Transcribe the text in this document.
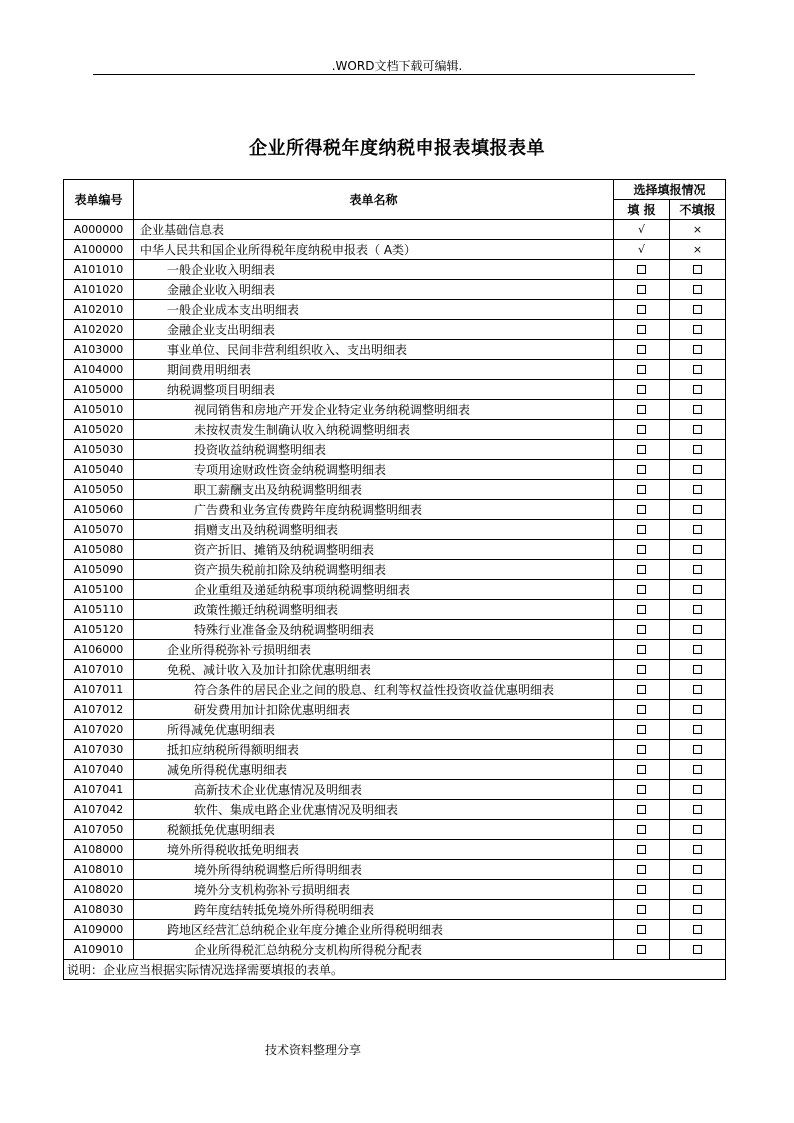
.WORD文档下载可编辑.
企业所得税年度纳税申报表填报表单
表单编号	表单名称	选择填报情况	
		填 报	不填报
A000000	企业基础信息表	√	×
A100000	中华人民共和国企业所得税年度纳税申报表（ A类）	√	×
A101010	一般企业收入明细表		
A101020	金融企业收入明细表		
A102010	一般企业成本支出明细表		
A102020	金融企业支出明细表		
A103000	事业单位、民间非营利组织收入、支出明细表		
A104000	期间费用明细表		
A105000	纳税调整项目明细表		
A105010	视同销售和房地产开发企业特定业务纳税调整明细表		
A105020	未按权责发生制确认收入纳税调整明细表		
A105030	投资收益纳税调整明细表		
A105040	专项用途财政性资金纳税调整明细表		
A105050	职工薪酬支出及纳税调整明细表		
A105060	广告费和业务宣传费跨年度纳税调整明细表		
A105070	捐赠支出及纳税调整明细表		
A105080	资产折旧、摊销及纳税调整明细表		
A105090	资产损失税前扣除及纳税调整明细表		
A105100	企业重组及递延纳税事项纳税调整明细表		
A105110	政策性搬迁纳税调整明细表		
A105120	特殊行业准备金及纳税调整明细表		
A106000	企业所得税弥补亏损明细表		
A107010	免税、减计收入及加计扣除优惠明细表		
A107011	符合条件的居民企业之间的股息、红利等权益性投资收益优惠明细表		
A107012	研发费用加计扣除优惠明细表		
A107020	所得减免优惠明细表		
A107030	抵扣应纳税所得额明细表		
A107040	减免所得税优惠明细表		
A107041	高新技术企业优惠情况及明细表		
A107042	软件、集成电路企业优惠情况及明细表		
A107050	税额抵免优惠明细表		
A108000	境外所得税收抵免明细表		
A108010	境外所得纳税调整后所得明细表		
A108020	境外分支机构弥补亏损明细表		
A108030	跨年度结转抵免境外所得税明细表		
A109000	跨地区经营汇总纳税企业年度分摊企业所得税明细表		
A109010	企业所得税汇总纳税分支机构所得税分配表		
说明：企业应当根据实际情况选择需要填报的表单。			
技术资料整理分享
